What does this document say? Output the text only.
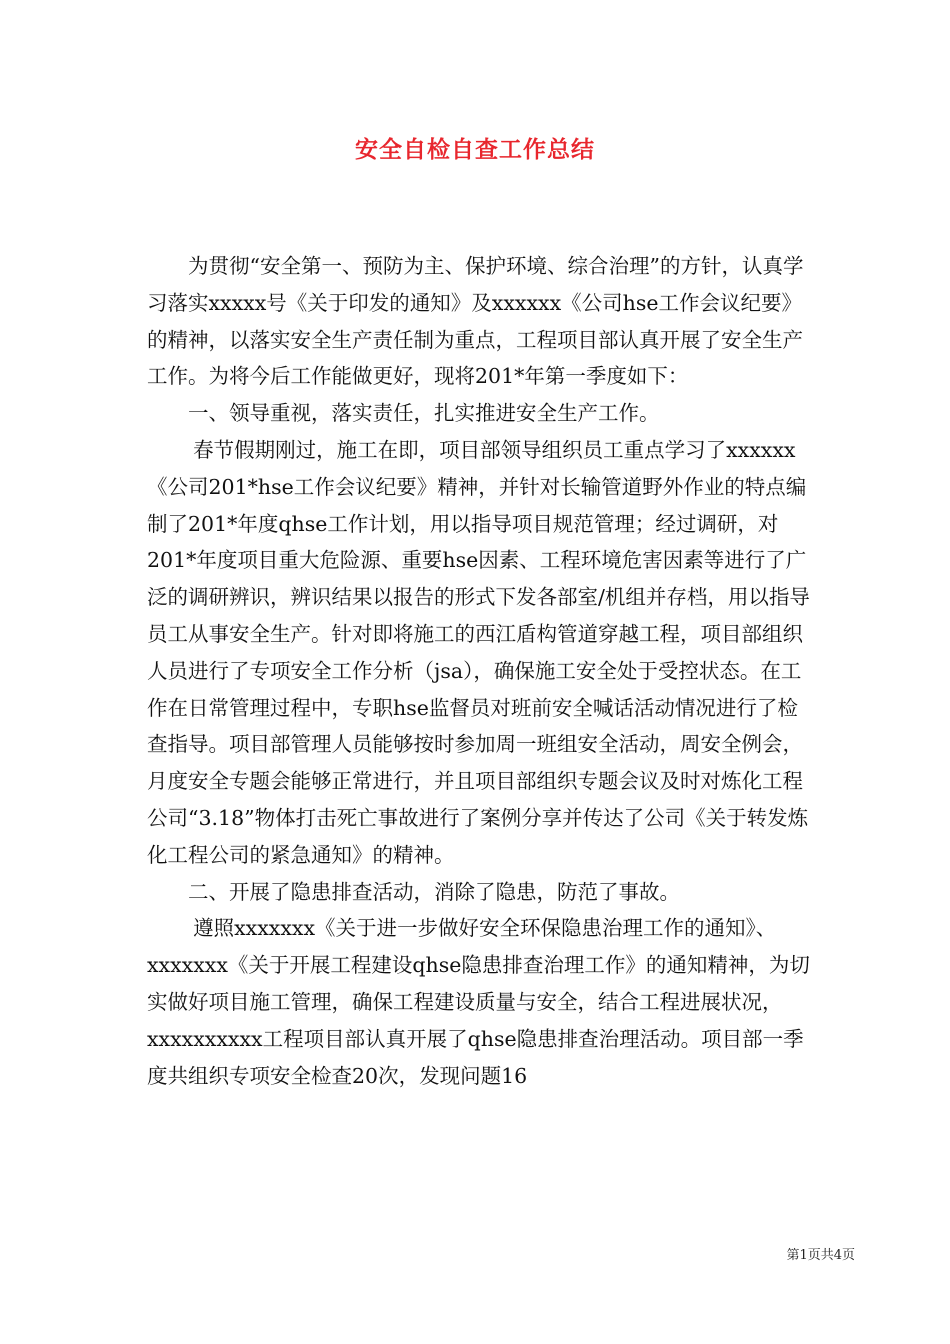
安全自检自查工作总结

为贯彻“安全第一、预防为主、保护环境、综合治理”的方针，认真学习落实xxxxx号《关于印发的通知》及xxxxxx《公司hse工作会议纪要》的精神，以落实安全生产责任制为重点，工程项目部认真开展了安全生产工作。为将今后工作能做更好，现将201*年第一季度如下：

一、领导重视，落实责任，扎实推进安全生产工作。

春节假期刚过，施工在即，项目部领导组织员工重点学习了xxxxxx《公司201*hse工作会议纪要》精神，并针对长输管道野外作业的特点编制了201*年度qhse工作计划，用以指导项目规范管理；经过调研，对201*年度项目重大危险源、重要hse因素、工程环境危害因素等进行了广泛的调研辨识，辨识结果以报告的形式下发各部室/机组并存档，用以指导员工从事安全生产。针对即将施工的西江盾构管道穿越工程，项目部组织人员进行了专项安全工作分析（jsa），确保施工安全处于受控状态。在工作在日常管理过程中，专职hse监督员对班前安全喊话活动情况进行了检查指导。项目部管理人员能够按时参加周一班组安全活动，周安全例会，月度安全专题会能够正常进行，并且项目部组织专题会议及时对炼化工程公司“3.18”物体打击死亡事故进行了案例分享并传达了公司《关于转发炼化工程公司的紧急通知》的精神。

二、开展了隐患排查活动，消除了隐患，防范了事故。

遵照xxxxxxx《关于进一步做好安全环保隐患治理工作的通知》、xxxxxxx《关于开展工程建设qhse隐患排查治理工作》的通知精神，为切实做好项目施工管理，确保工程建设质量与安全，结合工程进展状况，xxxxxxxxxx工程项目部认真开展了qhse隐患排查治理活动。项目部一季度共组织专项安全检查20次，发现问题16

第1页共4页
